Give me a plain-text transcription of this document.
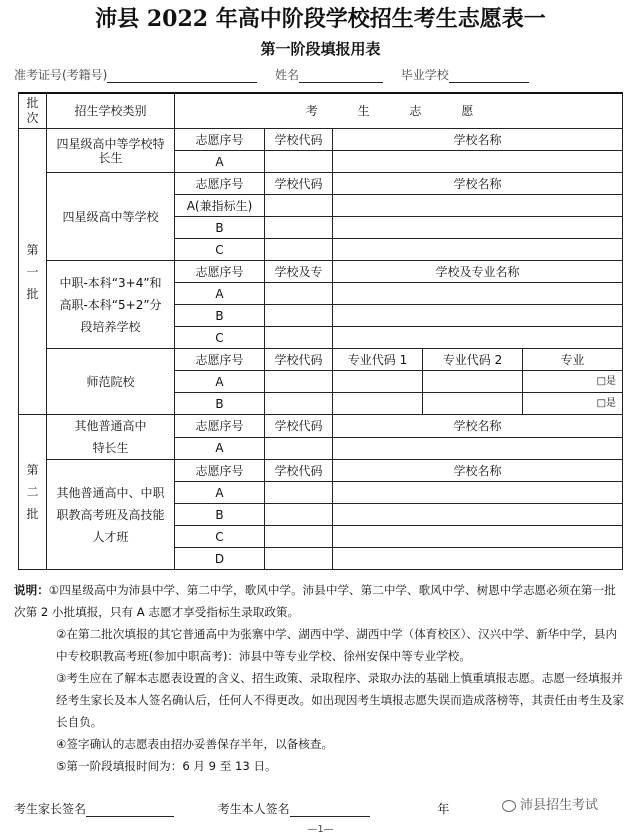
沛县 2022 年高中阶段学校招生考生志愿表一
第一阶段填报用表
准考证号(考籍号)	姓名	毕业学校
批次	招生学校类别	考 生 志 愿				

第一批	四星级高中等学校特长生	志愿序号	学校代码	学校名称		
		A				
	四星级高中等学校	志愿序号	学校代码	学校名称		
		A(兼指标生)				
		B				
		C				
	中职-本科“3+4”和高职-本科“5+2”分段培养学校	志愿序号	学校及专	学校及专业名称		
		A				
		B				
		C				
	师范院校	志愿序号	学校代码	专业代码 1	专业代码 2	专业
		A				□是
		B				□是

第二批	其他普通高中特长生	志愿序号	学校代码	学校名称		
		A				
	其他普通高中、中职职教高考班及高技能人才班	志愿序号	学校代码	学校名称		
		A				
		B				
		C				
		D				

说明：①四星级高中为沛县中学、第二中学，歌风中学。沛县中学、第二中学、歌风中学、树恩中学志愿必须在第一批次第 2 小批填报，只有 A 志愿才享受指标生录取政策。

②在第二批次填报的其它普通高中为张寨中学、湖西中学、湖西中学（体育校区）、汉兴中学、新华中学，县内中专校职教高考班(参加中职高考)：沛县中等专业学校、徐州安保中等专业学校。

③考生应在了解本志愿表设置的含义、招生政策、录取程序、录取办法的基础上慎重填报志愿。志愿一经填报并经考生家长及本人签名确认后，任何人不得更改。如出现因考生填报志愿失误而造成落榜等，其责任由考生及家长自负。

④签字确认的志愿表由招办妥善保存半年，以备核查。

⑤第一阶段填报时间为：6 月 9 至 13 日。

考生家长签名	考生本人签名	年	沛县招生考试
—1—
